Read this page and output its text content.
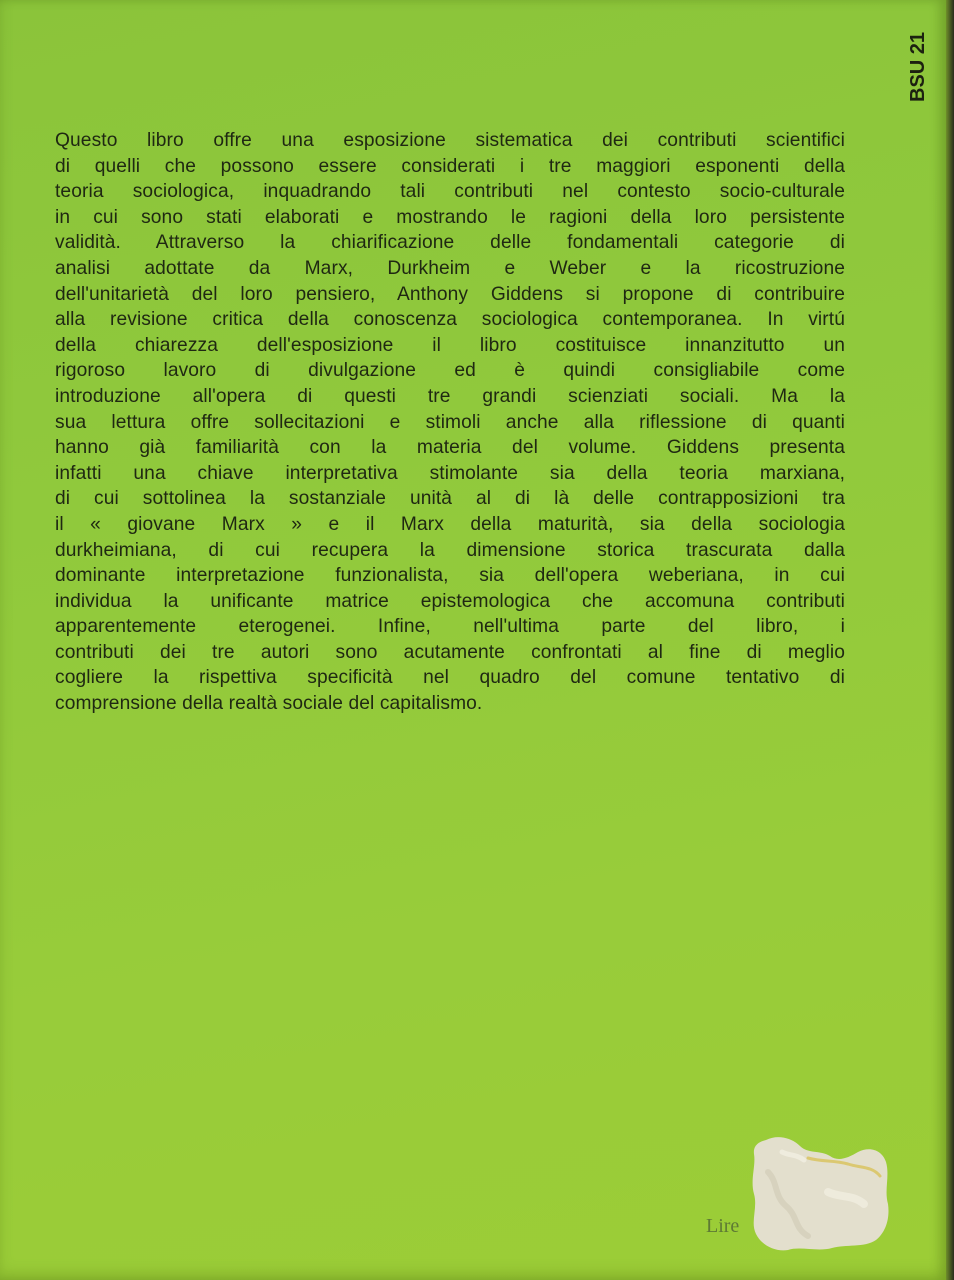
BSU 21
Questo libro offre una esposizione sistematica dei contributi scientifici
di quelli che possono essere considerati i tre maggiori esponenti della
teoria sociologica, inquadrando tali contributi nel contesto socio-culturale
in cui sono stati elaborati e mostrando le ragioni della loro persistente
validità. Attraverso la chiarificazione delle fondamentali categorie di
analisi adottate da Marx, Durkheim e Weber e la ricostruzione
dell'unitarietà del loro pensiero, Anthony Giddens si propone di contribuire
alla revisione critica della conoscenza sociologica contemporanea. In virtú
della chiarezza dell'esposizione il libro costituisce innanzitutto un
rigoroso lavoro di divulgazione ed è quindi consigliabile come
introduzione all'opera di questi tre grandi scienziati sociali. Ma la
sua lettura offre sollecitazioni e stimoli anche alla riflessione di quanti
hanno già familiarità con la materia del volume. Giddens presenta
infatti una chiave interpretativa stimolante sia della teoria marxiana,
di cui sottolinea la sostanziale unità al di là delle contrapposizioni tra
il « giovane Marx » e il Marx della maturità, sia della sociologia
durkheimiana, di cui recupera la dimensione storica trascurata dalla
dominante interpretazione funzionalista, sia dell'opera weberiana, in cui
individua la unificante matrice epistemologica che accomuna contributi
apparentemente eterogenei. Infine, nell'ultima parte del libro, i
contributi dei tre autori sono acutamente confrontati al fine di meglio
cogliere la rispettiva specificità nel quadro del comune tentativo di
comprensione della realtà sociale del capitalismo.

Lire
